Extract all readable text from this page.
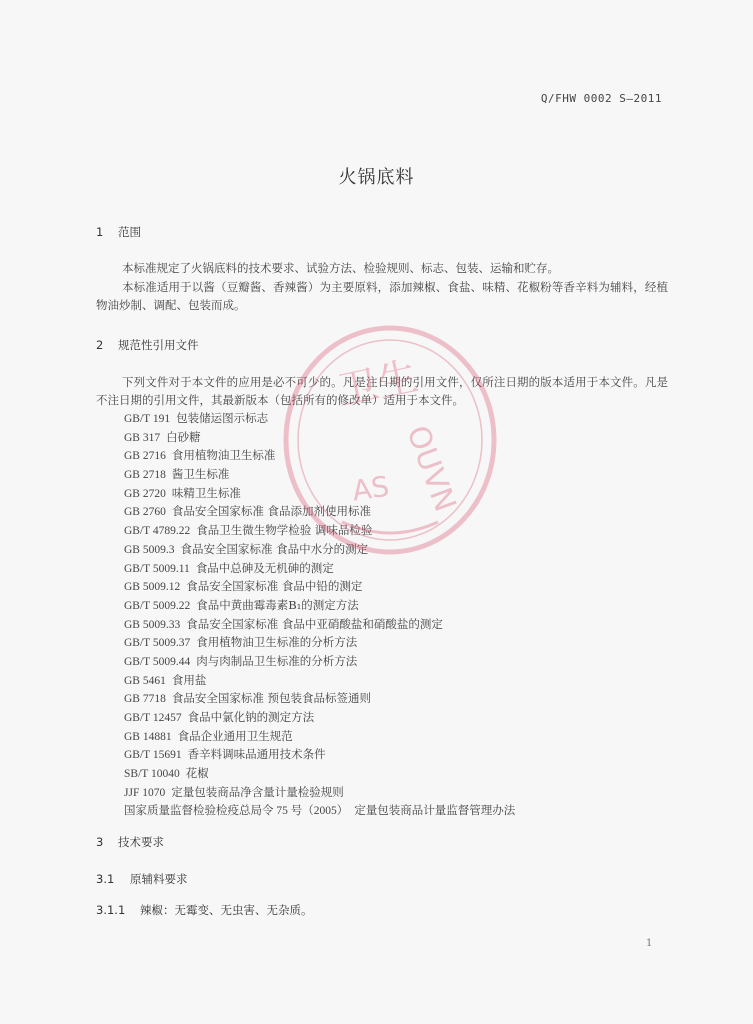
Q/FHW 0002 S—2011
火锅底料
1 范围
本标准规定了火锅底料的技术要求、试验方法、检验规则、标志、包装、运输和贮存。
本标准适用于以酱（豆瓣酱、香辣酱）为主要原料，添加辣椒、食盐、味精、花椒粉等香辛料为辅料，经植物油炒制、调配、包装而成。
2 规范性引用文件
下列文件对于本文件的应用是必不可少的。凡是注日期的引用文件，仅所注日期的版本适用于本文件。凡是不注日期的引用文件，其最新版本（包括所有的修改单）适用于本文件。
GB/T 191 包装储运图示标志
GB 317 白砂糖
GB 2716 食用植物油卫生标准
GB 2718 酱卫生标准
GB 2720 味精卫生标准
GB 2760 食品安全国家标准 食品添加剂使用标准
GB/T 4789.22 食品卫生微生物学检验 调味品检验
GB 5009.3 食品安全国家标准 食品中水分的测定
GB/T 5009.11 食品中总砷及无机砷的测定
GB 5009.12 食品安全国家标准 食品中铅的测定
GB/T 5009.22 食品中黄曲霉毒素B₁的测定方法
GB 5009.33 食品安全国家标准 食品中亚硝酸盐和硝酸盐的测定
GB/T 5009.37 食用植物油卫生标准的分析方法
GB/T 5009.44 肉与肉制品卫生标准的分析方法
GB 5461 食用盐
GB 7718 食品安全国家标准 预包装食品标签通则
GB/T 12457 食品中氯化钠的测定方法
GB 14881 食品企业通用卫生规范
GB/T 15691 香辛料调味品通用技术条件
SB/T 10040 花椒
JJF 1070 定量包装商品净含量计量检验规则
国家质量监督检验检疫总局令 75 号（2005） 定量包装商品计量监督管理办法
3 技术要求
3.1 原辅料要求
3.1.1 辣椒：无霉变、无虫害、无杂质。
1
卫生
OUVN
AS
